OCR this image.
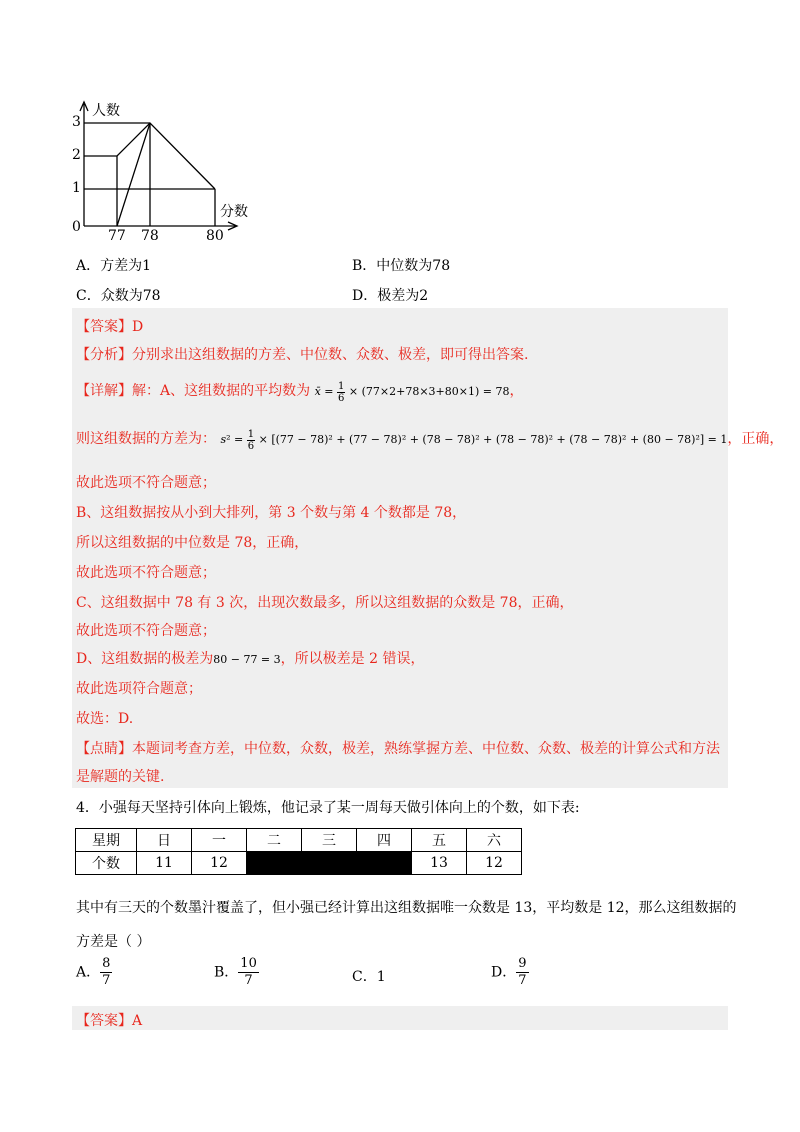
人数
分数
0
3
2
1
77 78	80
A．方差为1	B．中位数为78
C．众数为78	D．极差为2
【答案】D
【分析】分别求出这组数据的方差、中位数、众数、极差，即可得出答案.
【详解】解：A、这组数据的平均数为 x̄ = $\frac{1}{6} \times (77\times 2+78\times 3+80\times 1) = 78$，
则这组数据的方差为： $s^2 = \frac{1}{6} \times [(77 - 78)^2 + (77 - 78)^2 + (78 - 78)^2 + (78 - 78)^2 + (78 - 78)^2 + (80 - 78)^2] = 1$，正确，
故此选项不符合题意；
B、这组数据按从小到大排列，第 3 个数与第 4 个数都是 78，
所以这组数据的中位数是 78，正确，
故此选项不符合题意；
C、这组数据中 78 有 3 次，出现次数最多，所以这组数据的众数是 78，正确，
故此选项不符合题意；
D、这组数据的极差为80 − 77 = 3，所以极差是 2 错误，
故此选项符合题意；
故选：D.
【点睛】本题词考查方差，中位数，众数，极差，熟练掌握方差、中位数、众数、极差的计算公式和方法
是解题的关键.
4．小强每天坚持引体向上锻炼，他记录了某一周每天做引体向上的个数，如下表:
星期	日	一	二	三	四	五	六
个数	11	12				13	12
其中有三天的个数墨汁覆盖了，但小强已经计算出这组数据唯一众数是 13，平均数是 12，那么这组数据的
方差是（ ）
A． $\frac{8}{7}$	B． $\frac{10}{7}$	C．1	D． $\frac{9}{7}$
【答案】A
